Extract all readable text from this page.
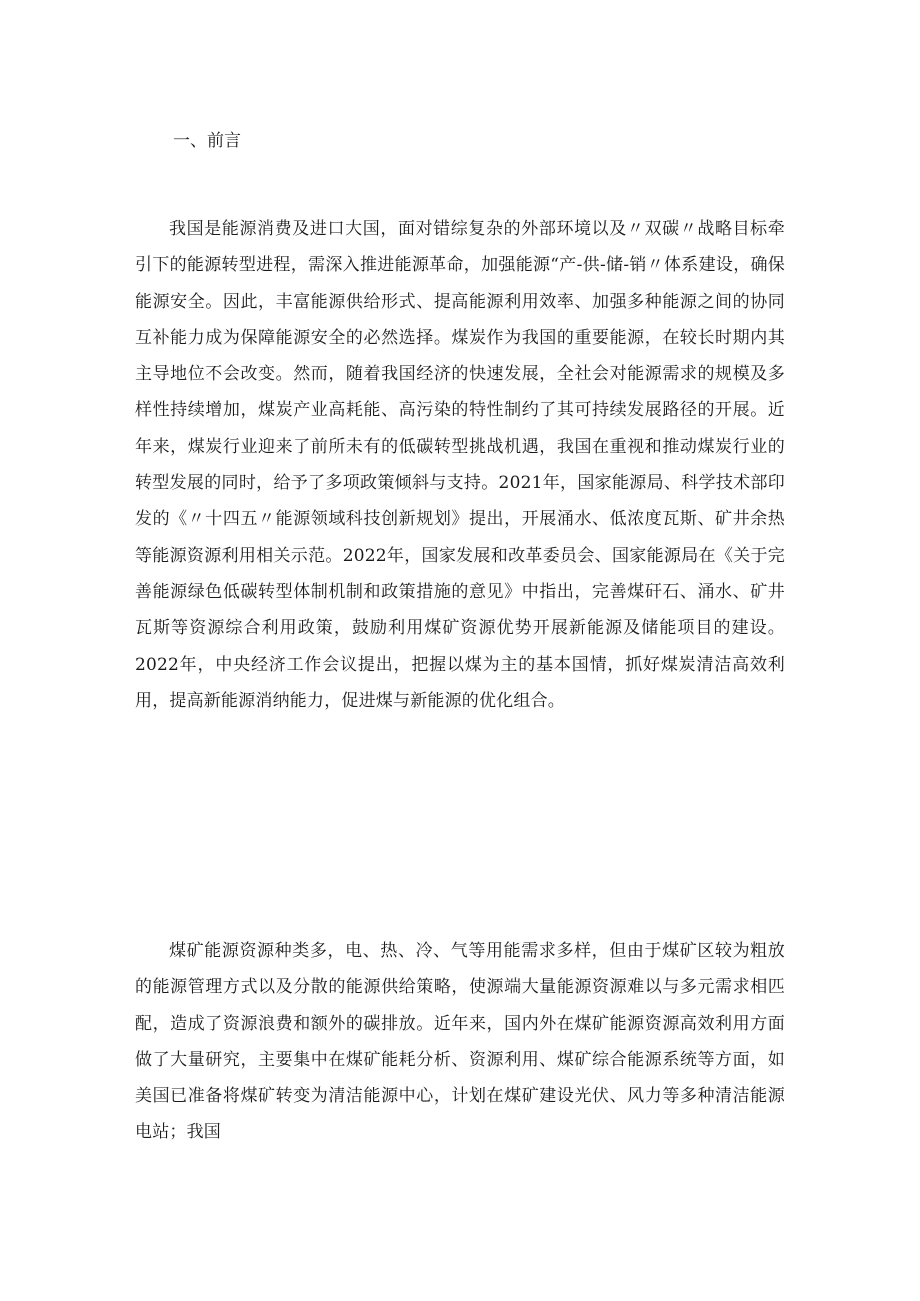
一、前言

我国是能源消费及进口大国，面对错综复杂的外部环境以及〃双碳〃战略目标牵引下的能源转型进程，需深入推进能源革命，加强能源“产-供-储-销〃体系建设，确保能源安全。因此，丰富能源供给形式、提高能源利用效率、加强多种能源之间的协同互补能力成为保障能源安全的必然选择。煤炭作为我国的重要能源，在较长时期内其主导地位不会改变。然而，随着我国经济的快速发展，全社会对能源需求的规模及多样性持续增加，煤炭产业高耗能、高污染的特性制约了其可持续发展路径的开展。近年来，煤炭行业迎来了前所未有的低碳转型挑战机遇，我国在重视和推动煤炭行业的转型发展的同时，给予了多项政策倾斜与支持。2021年，国家能源局、科学技术部印发的《〃十四五〃能源领域科技创新规划》提出，开展涌水、低浓度瓦斯、矿井余热等能源资源利用相关示范。2022年，国家发展和改革委员会、国家能源局在《关于完善能源绿色低碳转型体制机制和政策措施的意见》中指出，完善煤矸石、涌水、矿井瓦斯等资源综合利用政策，鼓励利用煤矿资源优势开展新能源及储能项目的建设。2022年，中央经济工作会议提出，把握以煤为主的基本国情，抓好煤炭清洁高效利用，提高新能源消纳能力，促进煤与新能源的优化组合。

煤矿能源资源种类多，电、热、冷、气等用能需求多样，但由于煤矿区较为粗放的能源管理方式以及分散的能源供给策略，使源端大量能源资源难以与多元需求相匹配，造成了资源浪费和额外的碳排放。近年来，国内外在煤矿能源资源高效利用方面做了大量研究，主要集中在煤矿能耗分析、资源利用、煤矿综合能源系统等方面，如美国已准备将煤矿转变为清洁能源中心，计划在煤矿建设光伏、风力等多种清洁能源电站；我国
